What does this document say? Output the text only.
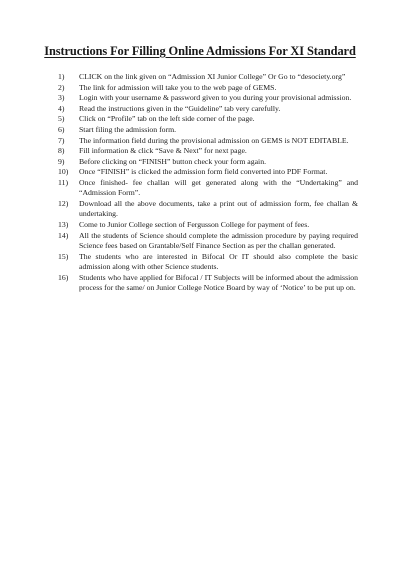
Instructions For Filling Online Admissions For XI Standard
1)	CLICK on the link given on “Admission XI Junior College” Or Go to “desociety.org”
2)	The link for admission will take you to the web page of GEMS.
3)	Login with your username & password given to you during your provisional admission.
4)	Read the instructions given in the “Guideline” tab very carefully.
5)	Click on “Profile” tab on the left side corner of the page.
6)	Start filing the admission form.
7)	The information field during the provisional admission on GEMS is NOT EDITABLE.
8)	Fill information & click “Save & Next” for next page.
9)	Before clicking on “FINISH” button check your form again.
10)	Once “FINISH” is clicked the admission form field converted into PDF Format.
11)	Once finished- fee challan will get generated along with the “Undertaking” and “Admission Form”.
12)	Download all the above documents, take a print out of admission form, fee challan & undertaking.
13)	Come to Junior College section of Fergusson College for payment of fees.
14)	All the students of Science should complete the admission procedure by paying required Science fees based on Grantable/Self Finance Section as per the challan generated.
15)	The students who are interested in Bifocal Or IT should also complete the basic admission along with other Science students.
16)	Students who have applied for Bifocal / IT Subjects will be informed about the admission process for the same/ on Junior College Notice Board by way of ‘Notice’ to be put up on.
